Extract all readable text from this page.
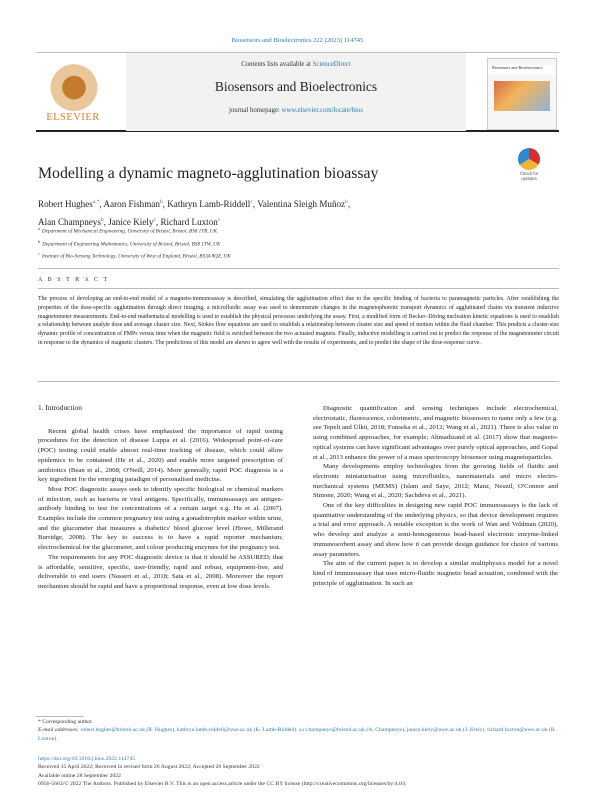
Biosensors and Bioelectronics 222 (2023) 114745
ELSEVIER
Contents lists available at ScienceDirect
Biosensors and Bioelectronics
journal homepage: www.elsevier.com/locate/bios
Biosensors and Bioelectronics
Modelling a dynamic magneto-agglutination bioassay	Check for updates
Robert Hughes$^{a,*}$, Aaron Fishman$^b$, Kathryn Lamb-Riddell$^c$, Valentina Sleigh Muñoz$^b$,
Alan Champneys$^b$, Janice Kiely$^c$, Richard Luxton$^c$
$^a$Department of Mechanical Engineering, University of Bristol, Bristol, BS8 1TR, UK
$^b$Department of Engineering Mathematics, University of Bristol, Bristol, BS8 1TW, UK
$^c$Institute of Bio-Sensing Technology, University of West of England, Bristol, BS34 8QZ, UK
A B S T R A C T
The process of developing an end-to-end model of a magneto-immunoassay is described, simulating the agglutination effect due to the specific binding of bacteria to paramagnetic particles. After establishing the properties of the dose-specific agglutination through direct imaging, a microfluidic assay was used to demonstrate changes in the magnetophoretic transport dynamics of agglutinated chains via transient inductive magnetometer measurements. End-to-end mathematical modelling is used to establish the physical processes underlying the assay. First, a modified form of Becker–Döring nucleation kinetic equations is used to establish a relationship between analyte dose and average cluster size. Next, Stokes flow equations are used to establish a relationship between cluster size and speed of motion within the fluid chamber. This predicts a cluster-size dynamic profile of concentration of PMPs versus time when the magnetic field is switched between the two actuated magnets. Finally, inductive modelling is carried out to predict the response of the magnetometer circuit in response to the dynamics of magnetic clusters. The predictions of this model are shown to agree well with the results of experiments, and to predict the shape of the dose-response curve.
1. Introduction

Recent global health crises have emphasised the importance of rapid testing procedures for the detection of disease Luppa et al. (2016). Widespread point-of-care (POC) testing could enable almost real-time tracking of disease, which could allow epidemics to be contained (He et al., 2020) and enable more targeted prescription of antibiotics (Bean et al., 2008; O'Neill, 2014). More generally, rapid POC diagnosis is a key ingredient for the emerging paradigm of personalised medicine.

Most POC diagnostic assays seek to identify specific biological or chemical markers of infection, such as bacteria or viral antigens. Specifically, immunoassays are antigen-antibody binding to test for concentrations of a certain target e.g. Hu et al. (2007). Examples include the common pregnancy test using a gonadotrophin marker within urine, and the glucometer that measures a diabetics' blood glucose level (Howe, Millerand Burridge, 2008). The key to success is to have a rapid reporter mechanism; electrochemical for the glucometer, and colour producing enzymes for the pregnancy test.

The requirements for any POC diagnostic device is that it should be ASSURED; that is affordable, sensitive, specific, user-friendly, rapid and robust, equipment-free, and deliverable to end users (Nasseri et al., 2018; Sata et al., 2008). Moreover the report mechanism should be rapid and have a proportional response, even at low dose levels.

Diagnostic quantification and sensing techniques include electrochemical, electrostatic, fluorescence, colorimetric, and magnetic biosensors to name only a few (e.g. see Tepeli and Ülkü, 2018; Fonseka et al., 2012; Wang et al., 2021). There is also value in using combined approaches, for example; Ahmadizand et al. (2017) show that magneto-optical systems can have significant advantages over purely optical approaches, and Gopal et al., 2013 enhance the power of a mass spectroscopy biosensor using magnetoparticles.

Many developments employ technologies from the growing fields of fluidic and electronic miniaturisation using microfluidics, nanomaterials and micro electro-mechanical systems (MEMS) (Islam and Saye, 2012; Manz, Neuzil, O'Connor and Simone, 2020; Wang et al., 2020; Sachdeva et al., 2021).

One of the key difficulties in designing new rapid POC immunoassays is the lack of quantitative understanding of the underlying physics, so that device development requires a trial and error approach. A notable exception is the work of Wan and Voldman (2020), who develop and analyze a semi-homogeneous bead-based electronic enzyme-linked immunosorbent assay and show how it can provide design guidance for choice of various assay parameters.

The aim of the current paper is to develop a similar multiphysics model for a novel kind of immunoassay that uses micro-fluidic magnetic bead actuation, combined with the principle of agglutination. In such an

* Corresponding author.
E-mail addresses: robert.hughes@bristol.ac.uk (R. Hughes), kathryn.lamb-riddell@uwe.ac.uk (K. Lamb-Riddell), a.r.champneys@bristol.ac.uk (A. Champneys), janice.kiely@uwe.ac.uk (J. Kiely), richard.luxton@uwe.ac.uk (R. Luxton).
https://doi.org/10.1016/j.bios.2022.114745
Received 15 April 2022; Received in revised form 26 August 2022; Accepted 20 September 2022
Available online 28 September 2022
0956-5663/© 2022 The Authors. Published by Elsevier B.V. This is an open access article under the CC BY license (http://creativecommons.org/licenses/by/4.0/).
